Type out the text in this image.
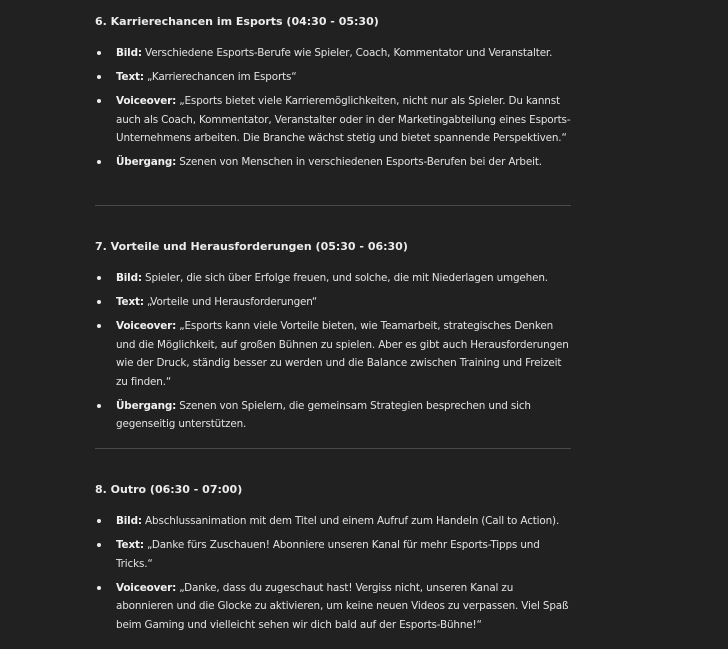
6. Karrierechancen im Esports (04:30 - 05:30)
Bild: Verschiedene Esports-Berufe wie Spieler, Coach, Kommentator und Veranstalter.
Text: „Karrierechancen im Esports“
Voiceover: „Esports bietet viele Karrieremöglichkeiten, nicht nur als Spieler. Du kannst auch als Coach, Kommentator, Veranstalter oder in der Marketingabteilung eines Esports-Unternehmens arbeiten. Die Branche wächst stetig und bietet spannende Perspektiven.“
Übergang: Szenen von Menschen in verschiedenen Esports-Berufen bei der Arbeit.
7. Vorteile und Herausforderungen (05:30 - 06:30)
Bild: Spieler, die sich über Erfolge freuen, und solche, die mit Niederlagen umgehen.
Text: „Vorteile und Herausforderungen“
Voiceover: „Esports kann viele Vorteile bieten, wie Teamarbeit, strategisches Denken und die Möglichkeit, auf großen Bühnen zu spielen. Aber es gibt auch Herausforderungen wie der Druck, ständig besser zu werden und die Balance zwischen Training und Freizeit zu finden.“
Übergang: Szenen von Spielern, die gemeinsam Strategien besprechen und sich gegenseitig unterstützen.
8. Outro (06:30 - 07:00)
Bild: Abschlussanimation mit dem Titel und einem Aufruf zum Handeln (Call to Action).
Text: „Danke fürs Zuschauen! Abonniere unseren Kanal für mehr Esports-Tipps und Tricks.“
Voiceover: „Danke, dass du zugeschaut hast! Vergiss nicht, unseren Kanal zu abonnieren und die Glocke zu aktivieren, um keine neuen Videos zu verpassen. Viel Spaß beim Gaming und vielleicht sehen wir dich bald auf der Esports-Bühne!“
